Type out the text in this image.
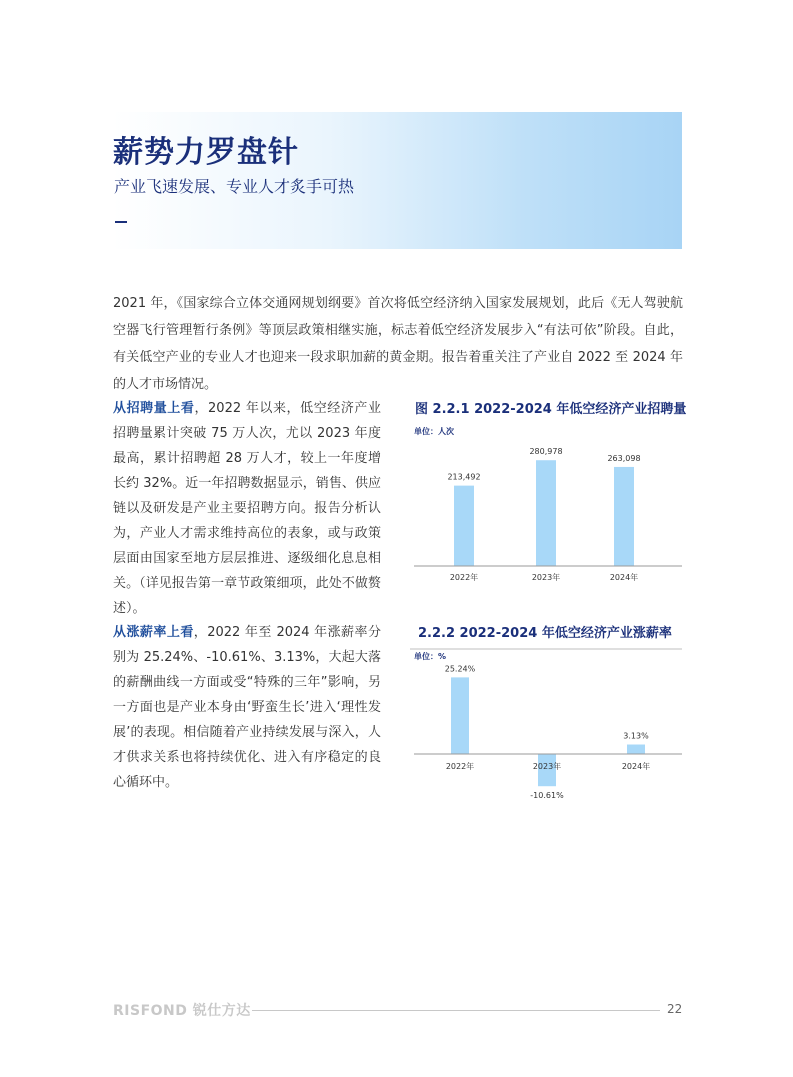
薪势力罗盘针
产业飞速发展、专业人才炙手可热

2021 年，《国家综合立体交通网规划纲要》首次将低空经济纳入国家发展规划，此后《无人驾驶航空器飞行管理暂行条例》等顶层政策相继实施，标志着低空经济发展步入“有法可依”阶段。自此，有关低空产业的专业人才也迎来一段求职加薪的黄金期。报告着重关注了产业自 2022 至 2024 年的人才市场情况。

从招聘量上看，2022 年以来，低空经济产业招聘量累计突破 75 万人次，尤以 2023 年度最高，累计招聘超 28 万人才，较上一年度增长约 32%。近一年招聘数据显示，销售、供应链以及研发是产业主要招聘方向。报告分析认为，产业人才需求维持高位的表象，或与政策层面由国家至地方层层推进、逐级细化息息相关。（详见报告第一章节政策细项，此处不做赘述）。

从涨薪率上看，2022 年至 2024 年涨薪率分别为 25.24%、-10.61%、3.13%，大起大落的薪酬曲线一方面或受“特殊的三年”影响，另一方面也是产业本身由‘野蛮生长’进入‘理性发展’的表现。相信随着产业持续发展与深入，人才供求关系也将持续优化、进入有序稳定的良心循环中。

图 2.2.1 2022-2024 年低空经济产业招聘量
单位：人次
213,492
280,978
263,098
2022年	2023年	2024年
2.2.2 2022-2024 年低空经济产业涨薪率
单位：%
25.24%
-10.61%
3.13%
2022年	2023年	2024年
RISFOND 锐仕方达	22
